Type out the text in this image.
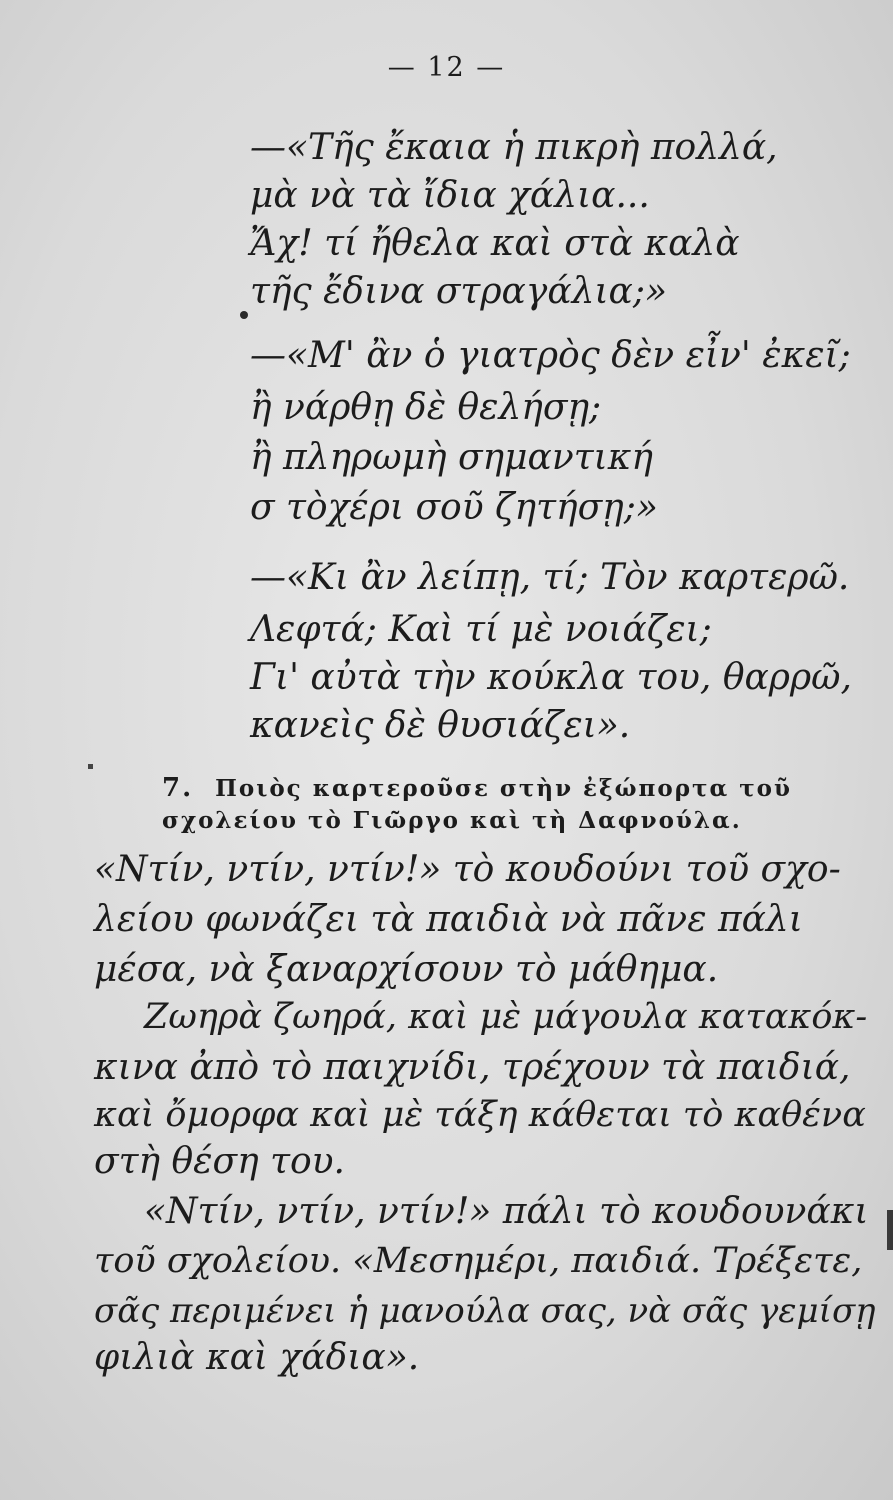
— 12 —
—«Τῆς ἔκαια ἡ πικρὴ πολλά,
μὰ νὰ τὰ ἴδια χάλια...
Ἄχ! τί ἤθελα καὶ στὰ καλὰ
τῆς ἔδινα στραγάλια;»
—«Μ' ἂν ὁ γιατρὸς δὲν εἶν' ἐκεῖ;
ἢ νάρθῃ δὲ θελήσῃ;
ἢ πληρωμὴ σημαντική
σ τὸχέρι σοῦ ζητήσῃ;»
—«Κι ἂν λείπῃ, τί; Τὸν καρτερῶ.
Λεφτά; Καὶ τί μὲ νοιάζει;
Γι' αὐτὰ τὴν κούκλα του, θαρρῶ,
κανεὶς δὲ θυσιάζει».
7. Ποιὸς καρτεροῦσε στὴν ἐξώπορτα τοῦ
σχολείου τὸ Γιῶργο καὶ τὴ Δαφνούλα.
«Ντίν, ντίν, ντίν!» τὸ κουδούνι τοῦ σχο-
λείου φωνάζει τὰ παιδιὰ νὰ πᾶνε πάλι
μέσα, νὰ ξαναρχίσουν τὸ μάθημα.
Ζωηρὰ ζωηρά, καὶ μὲ μάγουλα κατακόκ-
κινα ἀπὸ τὸ παιχνίδι, τρέχουν τὰ παιδιά,
καὶ ὄμορφα καὶ μὲ τάξη κάθεται τὸ καθένα
στὴ θέση του.
«Ντίν, ντίν, ντίν!» πάλι τὸ κουδουνάκι
τοῦ σχολείου. «Μεσημέρι, παιδιά. Τρέξετε,
σᾶς περιμένει ἡ μανούλα σας, νὰ σᾶς γεμίσῃ
φιλιὰ καὶ χάδια».
